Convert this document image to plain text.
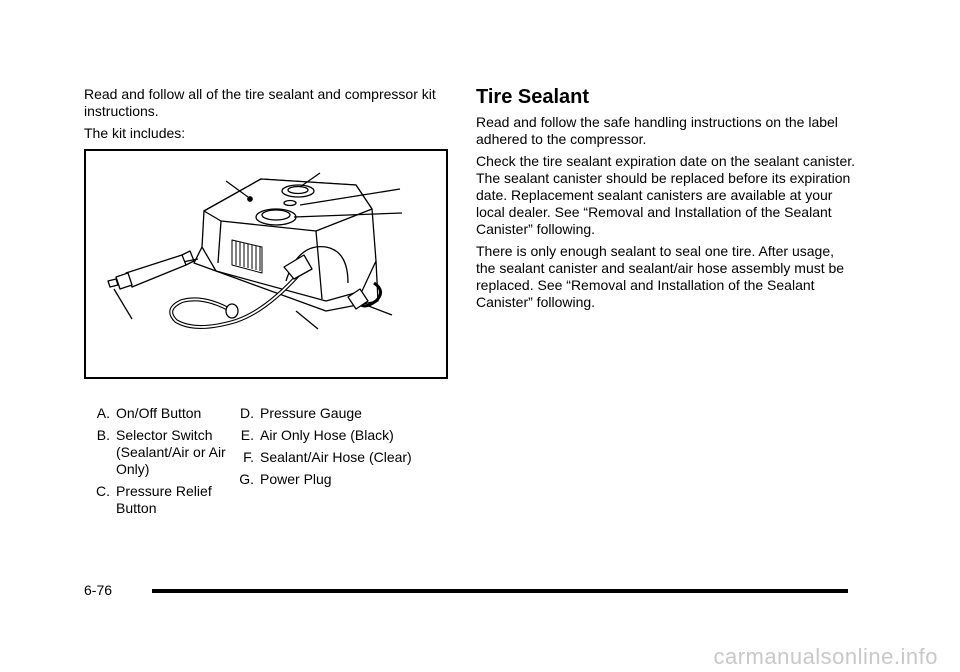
Read and follow all of the tire sealant and compressor kit instructions.

The kit includes:

A. On/Off Button
B. Selector Switch (Sealant/Air or Air Only)
C. Pressure Relief Button
D. Pressure Gauge
E. Air Only Hose (Black)
F. Sealant/Air Hose (Clear)
G. Power Plug
Tire Sealant

Read and follow the safe handling instructions on the label adhered to the compressor.

Check the tire sealant expiration date on the sealant canister. The sealant canister should be replaced before its expiration date. Replacement sealant canisters are available at your local dealer. See “Removal and Installation of the Sealant Canister” following.

There is only enough sealant to seal one tire. After usage, the sealant canister and sealant/air hose assembly must be replaced. See “Removal and Installation of the Sealant Canister” following.

6-76
carmanualsonline.info
